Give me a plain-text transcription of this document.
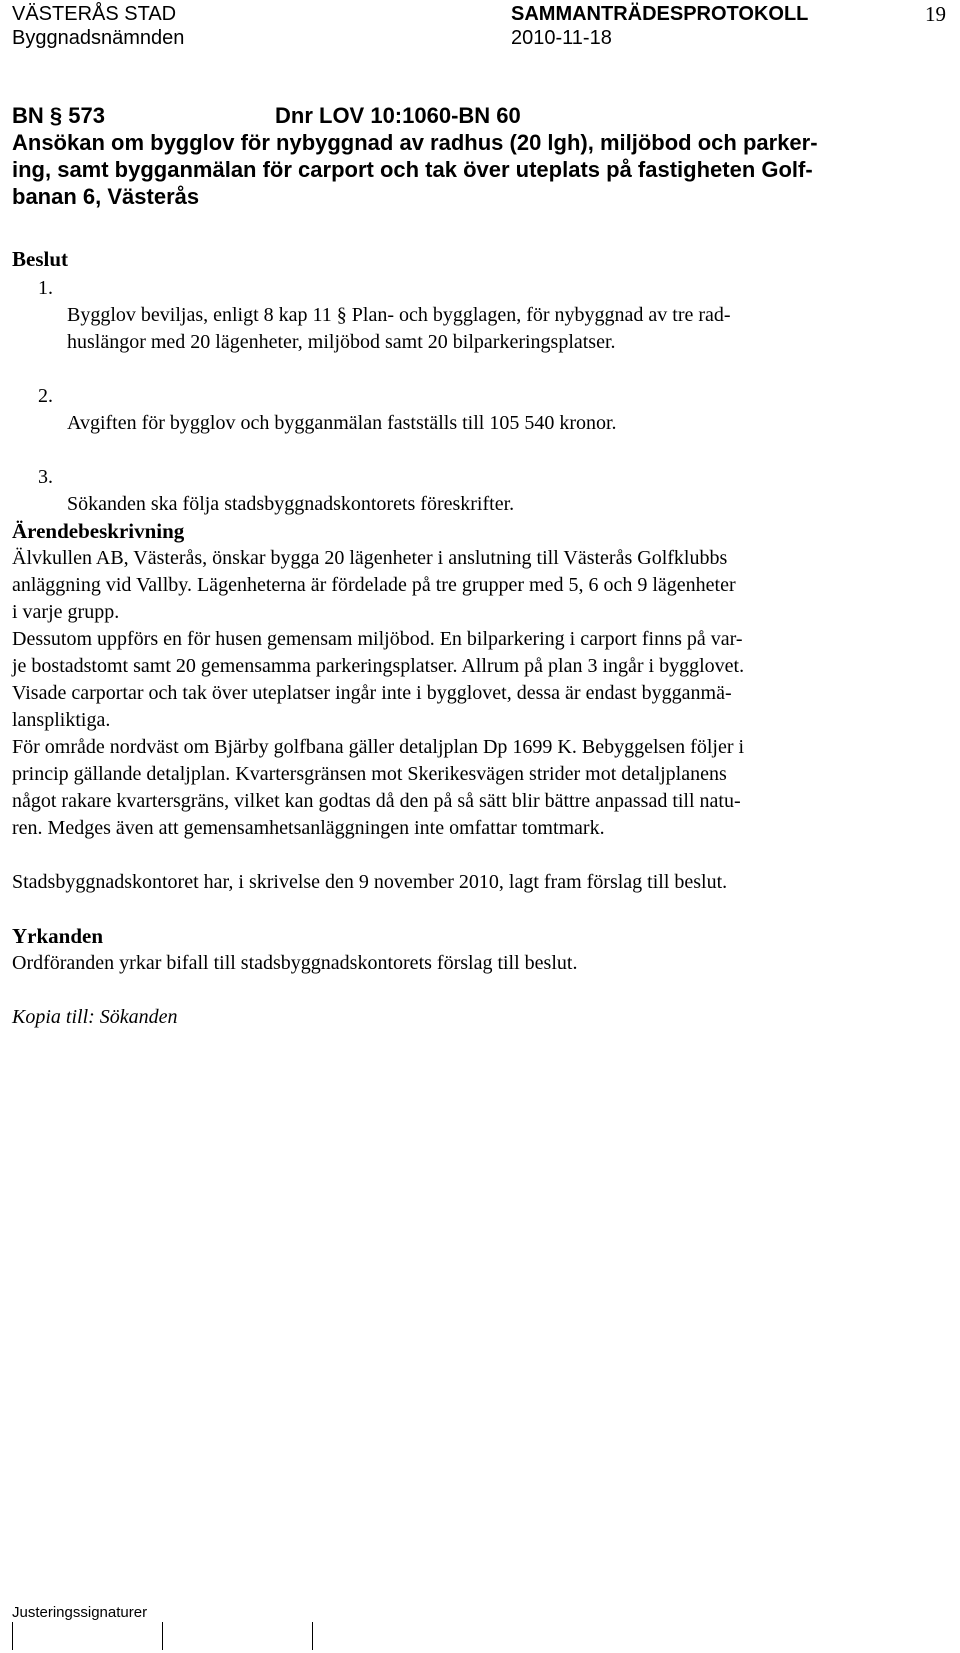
VÄSTERÅS STAD
Byggnadsnämnden
SAMMANTRÄDESPROTOKOLL
2010-11-18
19
BN § 573	Dnr LOV 10:1060-BN 60
Ansökan om bygglov för nybyggnad av radhus (20 lgh), miljöbod och parker-
ing, samt bygganmälan för carport och tak över uteplats på fastigheten Golf-
banan 6, Västerås
Beslut

1.
Bygglov beviljas, enligt 8 kap 11 § Plan- och bygglagen, för nybyggnad av tre rad-
huslängor med 20 lägenheter, miljöbod samt 20 bilparkeringsplatser.

2.
Avgiften för bygglov och bygganmälan fastställs till 105 540 kronor.

3.
Sökanden ska följa stadsbyggnadskontorets föreskrifter.

Ärendebeskrivning

Älvkullen AB, Västerås, önskar bygga 20 lägenheter i anslutning till Västerås Golfklubbs
anläggning vid Vallby. Lägenheterna är fördelade på tre grupper med 5, 6 och 9 lägenheter
i varje grupp.

Dessutom uppförs en för husen gemensam miljöbod. En bilparkering i carport finns på var-
je bostadstomt samt 20 gemensamma parkeringsplatser. Allrum på plan 3 ingår i bygglovet.

Visade carportar och tak över uteplatser ingår inte i bygglovet, dessa är endast bygganmä-
lanspliktiga.

För område nordväst om Bjärby golfbana gäller detaljplan Dp 1699 K. Bebyggelsen följer i
princip gällande detaljplan. Kvartersgränsen mot Skerikesvägen strider mot detaljplanens
något rakare kvartersgräns, vilket kan godtas då den på så sätt blir bättre anpassad till natu-
ren. Medges även att gemensamhetsanläggningen inte omfattar tomtmark.

Stadsbyggnadskontoret har, i skrivelse den 9 november 2010, lagt fram förslag till beslut.

Yrkanden

Ordföranden yrkar bifall till stadsbyggnadskontorets förslag till beslut.

Kopia till: Sökanden

Justeringssignaturer
